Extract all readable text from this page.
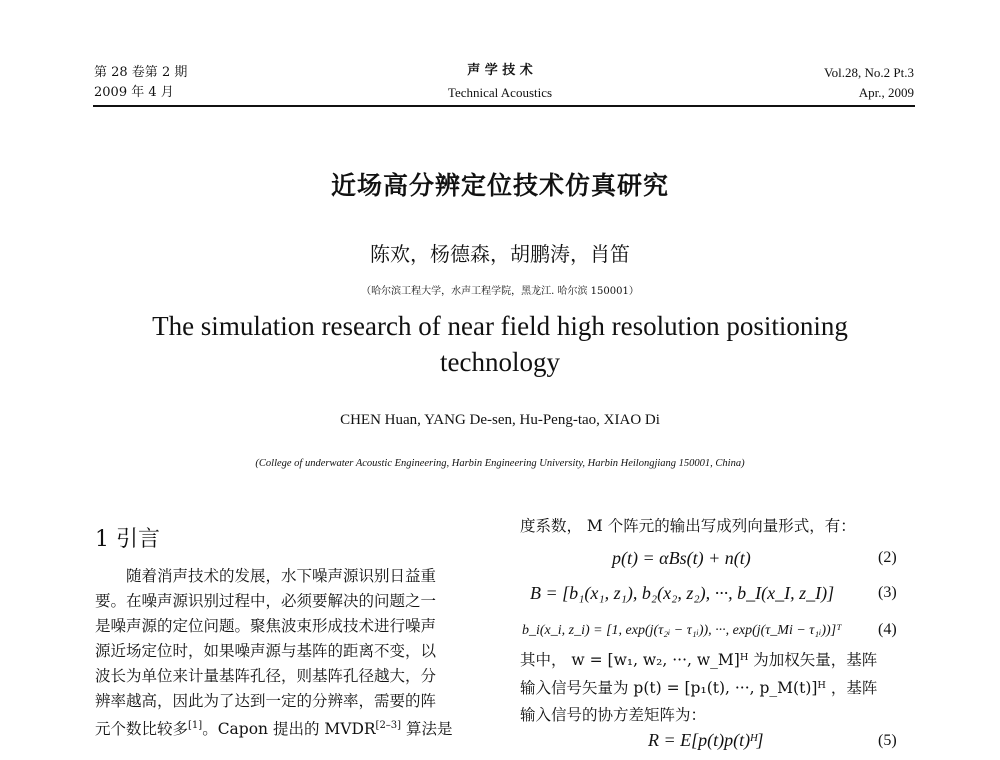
第 28 卷第 2 期
2009 年 4 月
声 学 技 术
Technical Acoustics
Vol.28, No.2 Pt.3
Apr., 2009
近场高分辨定位技术仿真研究
陈欢，杨德森，胡鹏涛，肖笛
（哈尔滨工程大学，水声工程学院，黑龙江. 哈尔滨 150001）
The simulation research of near field high resolution positioning
technology
CHEN Huan, YANG De-sen, Hu-Peng-tao, XIAO Di
(College of underwater Acoustic Engineering, Harbin Engineering University, Harbin Heilongjiang 150001, China)
1 引言
随着消声技术的发展，水下噪声源识别日益重
要。在噪声源识别过程中，必须要解决的问题之一
是噪声源的定位问题。聚焦波束形成技术进行噪声
源近场定位时，如果噪声源与基阵的距离不变，以
波长为单位来计量基阵孔径，则基阵孔径越大，分
辨率越高，因此为了达到一定的分辨率，需要的阵
元个数比较多[1]。Capon 提出的 MVDR[2–3] 算法是
度系数， M 个阵元的输出写成列向量形式，有：
p(t) = αBs(t) + n(t)	(2)
B = [b₁(x₁, z₁), b₂(x₂, z₂), ···, b_I(x_I, z_I)]	(3)
b_i(x_i, z_i) = [1, exp(j(τ₂ᵢ − τ₁ᵢ)), ···, exp(j(τ_Mi − τ₁ᵢ))]ᵀ (4)
其中， w = [w₁, w₂, ···, w_M]ᴴ 为加权矢量，基阵
输入信号矢量为 p(t) = [p₁(t), ···, p_M(t)]ᴴ ，基阵
输入信号的协方差矩阵为：
R = E[p(t)p(t)ᴴ]	(5)
